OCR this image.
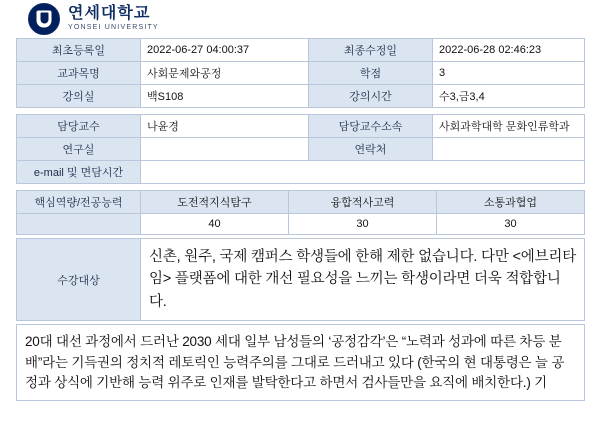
연세대학교
YONSEI UNIVERSITY
최초등록일	2022-06-27 04:00:37	최종수정일	2022-06-28 02:46:23
교과목명	사회문제와공정	학점	3
강의실	백S108	강의시간	수3,금3,4
담당교수	나윤경	담당교수소속	사회과학대학 문화인류학과
연구실		연락처	
e-mail 및 면담시간			
핵심역량/전공능력	도전적지식탐구	융합적사고력	소통과협업
	40	30	30
수강대상	신촌, 원주, 국제 캠퍼스 학생들에 한해 제한 없습니다. 다만 <에브리타임> 플랫폼에 대한 개선 필요성을 느끼는 학생이라면 더욱 적합합니다.
20대 대선 과정에서 드러난 2030 세대 일부 남성들의 ‘공정감각’은 “노력과 성과에 따른 차등 분배”라는 기득권의 정치적 레토릭인 능력주의를 그대로 드러내고 있다 (한국의 현 대통령은 늘 공정과 상식에 기반해 능력 위주로 인재를 발탁한다고 하면서 검사들만을 요직에 배치한다.) 기
